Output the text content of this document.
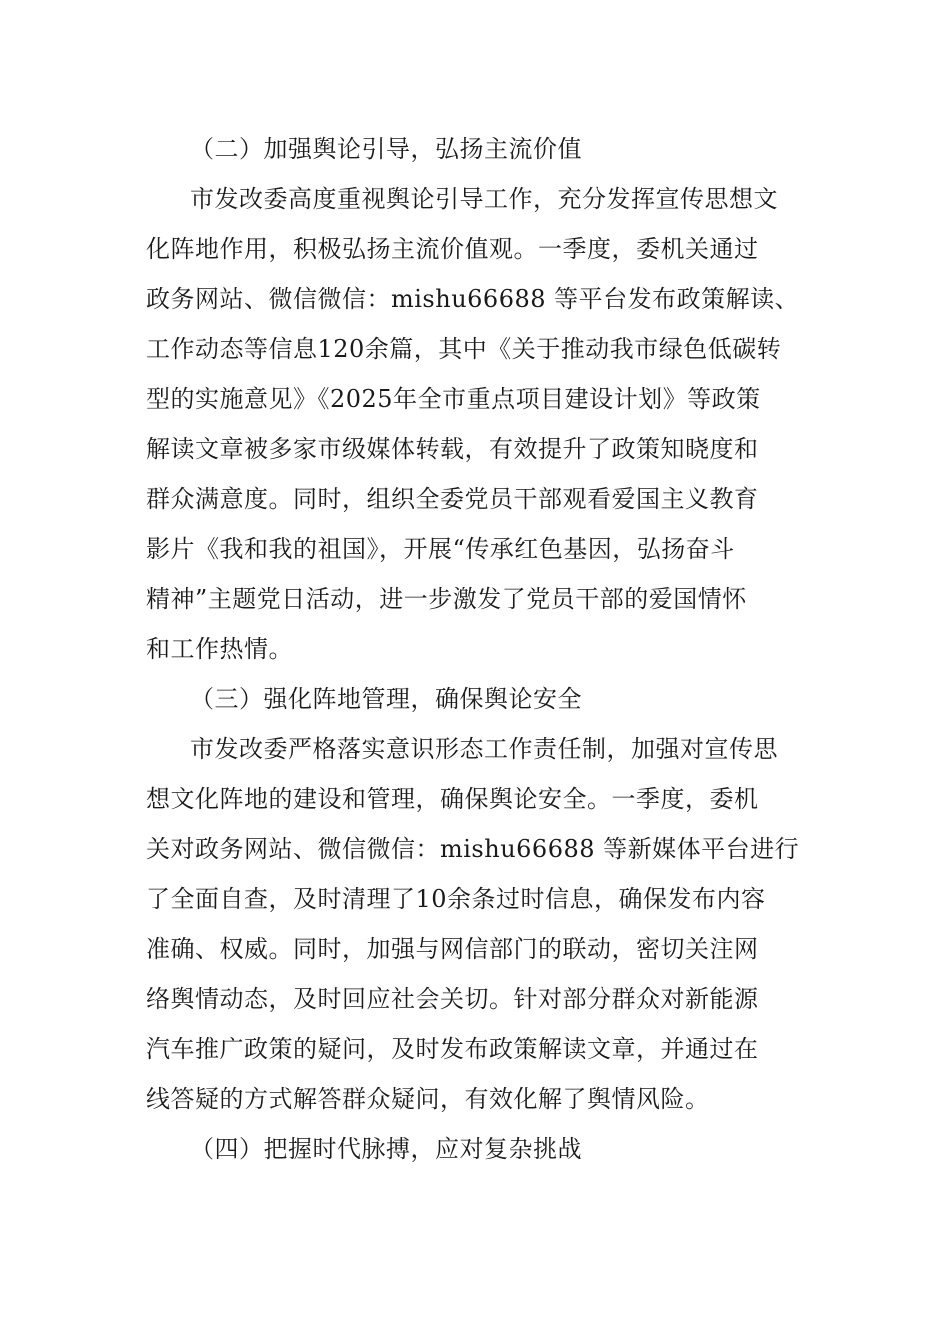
（二）加强舆论引导，弘扬主流价值
市发改委高度重视舆论引导工作，充分发挥宣传思想文
化阵地作用，积极弘扬主流价值观。一季度，委机关通过
政务网站、微信微信：mishu66688 等平台发布政策解读、
工作动态等信息120余篇，其中《关于推动我市绿色低碳转
型的实施意见》《2025年全市重点项目建设计划》等政策
解读文章被多家市级媒体转载，有效提升了政策知晓度和
群众满意度。同时，组织全委党员干部观看爱国主义教育
影片《我和我的祖国》，开展“传承红色基因，弘扬奋斗
精神”主题党日活动，进一步激发了党员干部的爱国情怀
和工作热情。
（三）强化阵地管理，确保舆论安全
市发改委严格落实意识形态工作责任制，加强对宣传思
想文化阵地的建设和管理，确保舆论安全。一季度，委机
关对政务网站、微信微信：mishu66688 等新媒体平台进行
了全面自查，及时清理了10余条过时信息，确保发布内容
准确、权威。同时，加强与网信部门的联动，密切关注网
络舆情动态，及时回应社会关切。针对部分群众对新能源
汽车推广政策的疑问，及时发布政策解读文章，并通过在
线答疑的方式解答群众疑问，有效化解了舆情风险。
（四）把握时代脉搏，应对复杂挑战
